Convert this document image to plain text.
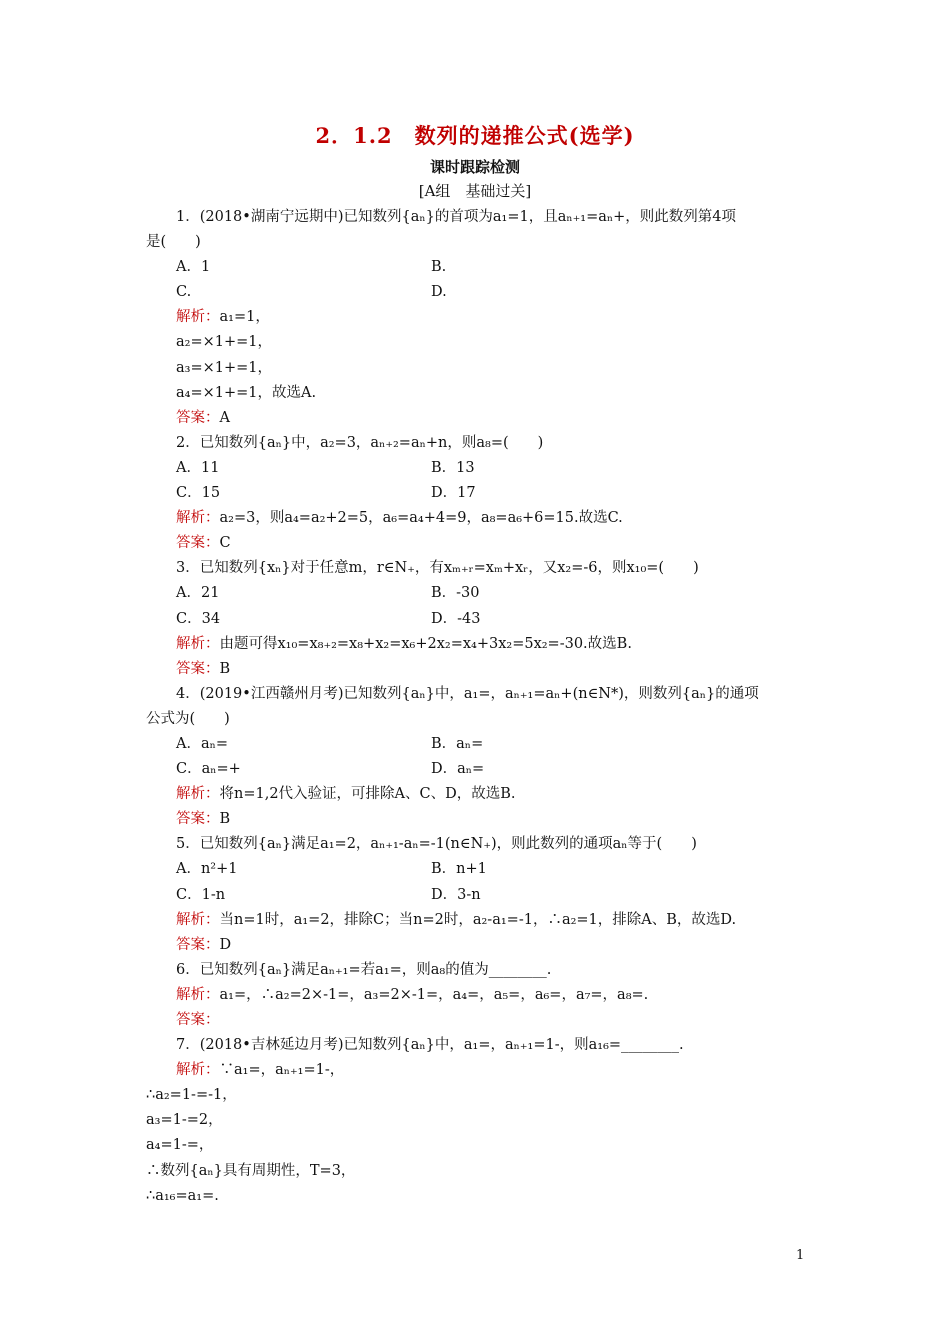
2．1.2　数列的递推公式(选学)
课时跟踪检测
[A组　基础过关]
1．(2018•湖南宁远期中)已知数列{aₙ}的首项为a₁=1，且aₙ₊₁=aₙ+，则此数列第4项
是(　　)
A．1	B.
C.	D.
解析：a₁=1，
a₂=×1+=1，
a₃=×1+=1，
a₄=×1+=1，故选A.
答案：A
2．已知数列{aₙ}中，a₂=3，aₙ₊₂=aₙ+n，则a₈=(　　)
A．11	B．13
C．15	D．17
解析：a₂=3，则a₄=a₂+2=5，a₆=a₄+4=9，a₈=a₆+6=15.故选C.
答案：C
3．已知数列{xₙ}对于任意m，r∈N₊，有xₘ₊ᵣ=xₘ+xᵣ，又x₂=-6，则x₁₀=(　　)
A．21	B．-30
C．34	D．-43
解析：由题可得x₁₀=x₈₊₂=x₈+x₂=x₆+2x₂=x₄+3x₂=5x₂=-30.故选B.
答案：B
4．(2019•江西赣州月考)已知数列{aₙ}中，a₁=，aₙ₊₁=aₙ+(n∈N*)，则数列{aₙ}的通项
公式为(　　)
A．aₙ=	B．aₙ=
C．aₙ=+	D．aₙ=
解析：将n=1,2代入验证，可排除A、C、D，故选B.
答案：B
5．已知数列{aₙ}满足a₁=2，aₙ₊₁-aₙ=-1(n∈N₊)，则此数列的通项aₙ等于(　　)
A．n²+1	B．n+1
C．1-n	D．3-n
解析：当n=1时，a₁=2，排除C；当n=2时，a₂-a₁=-1，∴a₂=1，排除A、B，故选D.
答案：D
6．已知数列{aₙ}满足aₙ₊₁=若a₁=，则a₈的值为________.
解析：a₁=，∴a₂=2×-1=，a₃=2×-1=，a₄=，a₅=，a₆=，a₇=，a₈=.
答案：
7．(2018•吉林延边月考)已知数列{aₙ}中，a₁=，aₙ₊₁=1-，则a₁₆=________.
解析：∵a₁=，aₙ₊₁=1-，
∴a₂=1-=-1，
a₃=1-=2，
a₄=1-=，
∴数列{aₙ}具有周期性，T=3，
∴a₁₆=a₁=.
1
